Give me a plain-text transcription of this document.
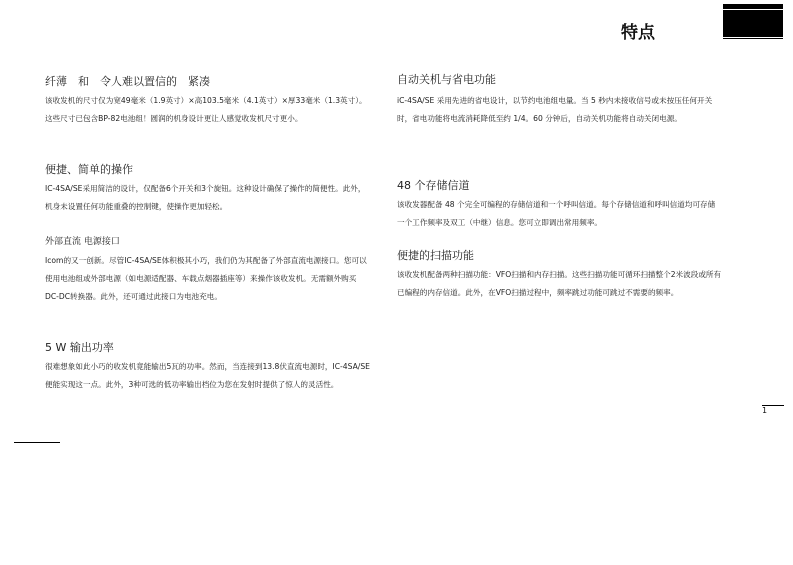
特点

纤薄　和　令人难以置信的　紧凑

该收发机的尺寸仅为宽49毫米（1.9英寸）×高103.5毫米（4.1英寸）×厚33毫米（1.3英寸）。这些尺寸已包含BP-82电池组！圆润的机身设计更让人感觉收发机尺寸更小。

便捷、简单的操作

IC-4SA/SE采用简洁的设计，仅配备6个开关和3个旋钮。这种设计确保了操作的简便性。此外，机身未设置任何功能重叠的控制键，使操作更加轻松。

外部直流 电源接口

Icom的又一创新。尽管IC-4SA/SE体积极其小巧，我们仍为其配备了外部直流电源接口。您可以使用电池组或外部电源（如电源适配器、车载点烟器插座等）来操作该收发机。无需额外购买DC-DC转换器。此外，还可通过此接口为电池充电。

5 W 输出功率

很难想象如此小巧的收发机竟能输出5瓦的功率。然而，当连接到13.8伏直流电源时，IC-4SA/SE便能实现这一点。此外，3种可选的低功率输出档位为您在发射时提供了惊人的灵活性。

自动关机与省电功能

iC-4SA/SE 采用先进的省电设计，以节约电池组电量。当 5 秒内未接收信号或未按压任何开关时，省电功能将电流消耗降低至约 1/4。60 分钟后，自动关机功能将自动关闭电源。

48 个存储信道

该收发器配备 48 个完全可编程的存储信道和一个呼叫信道。每个存储信道和呼叫信道均可存储一个工作频率及双工（中继）信息。您可立即调出常用频率。

便捷的扫描功能

该收发机配备两种扫描功能：VFO扫描和内存扫描。这些扫描功能可循环扫描整个2米波段或所有已编程的内存信道。此外，在VFO扫描过程中，频率跳过功能可跳过不需要的频率。

1
